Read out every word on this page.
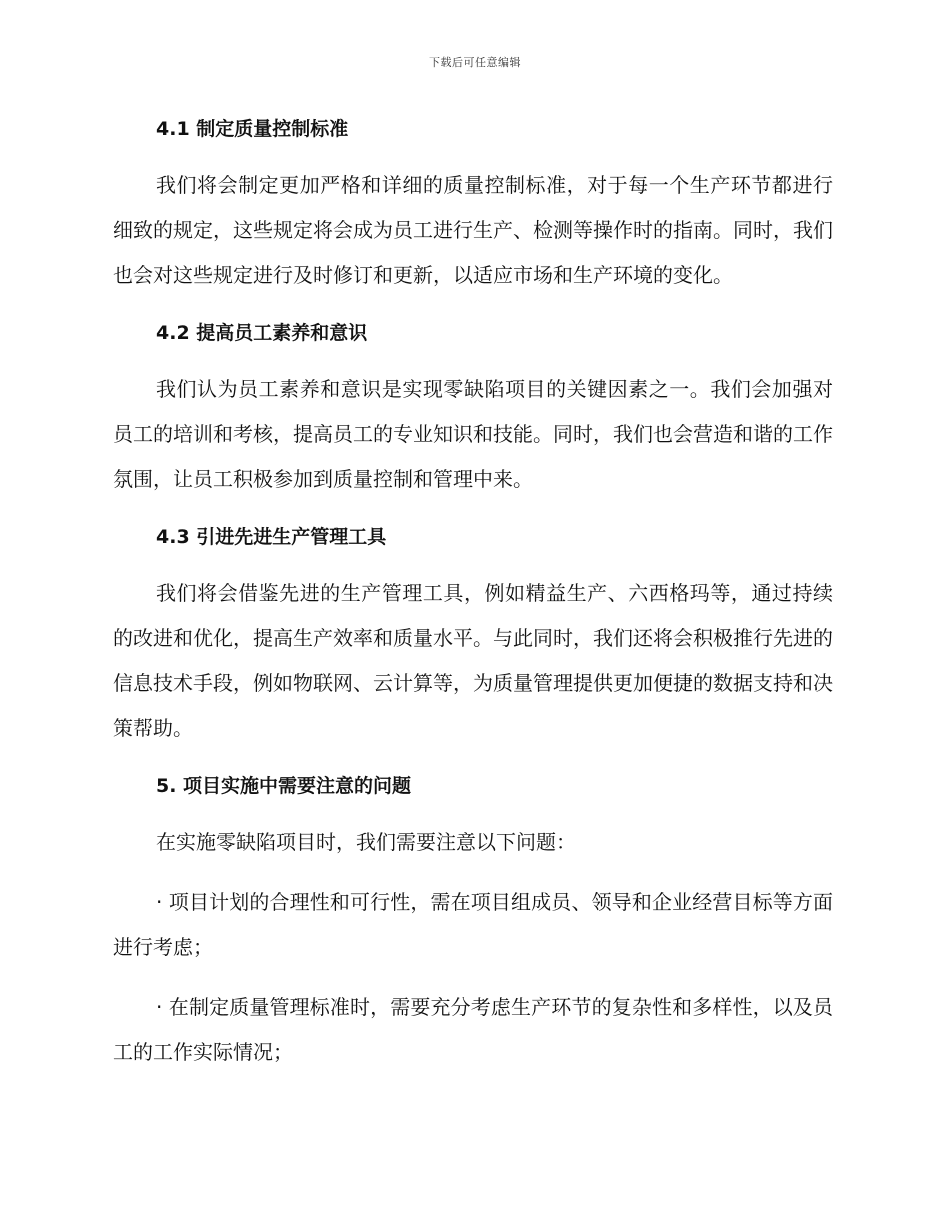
下载后可任意编辑
4.1 制定质量控制标准

我们将会制定更加严格和详细的质量控制标准，对于每一个生产环节都进行细致的规定，这些规定将会成为员工进行生产、检测等操作时的指南。同时，我们也会对这些规定进行及时修订和更新，以适应市场和生产环境的变化。

4.2 提高员工素养和意识

我们认为员工素养和意识是实现零缺陷项目的关键因素之一。我们会加强对员工的培训和考核，提高员工的专业知识和技能。同时，我们也会营造和谐的工作氛围，让员工积极参加到质量控制和管理中来。

4.3 引进先进生产管理工具

我们将会借鉴先进的生产管理工具，例如精益生产、六西格玛等，通过持续的改进和优化，提高生产效率和质量水平。与此同时，我们还将会积极推行先进的信息技术手段，例如物联网、云计算等，为质量管理提供更加便捷的数据支持和决策帮助。

5. 项目实施中需要注意的问题

在实施零缺陷项目时，我们需要注意以下问题：

· 项目计划的合理性和可行性，需在项目组成员、领导和企业经营目标等方面进行考虑；

· 在制定质量管理标准时，需要充分考虑生产环节的复杂性和多样性，以及员工的工作实际情况；
